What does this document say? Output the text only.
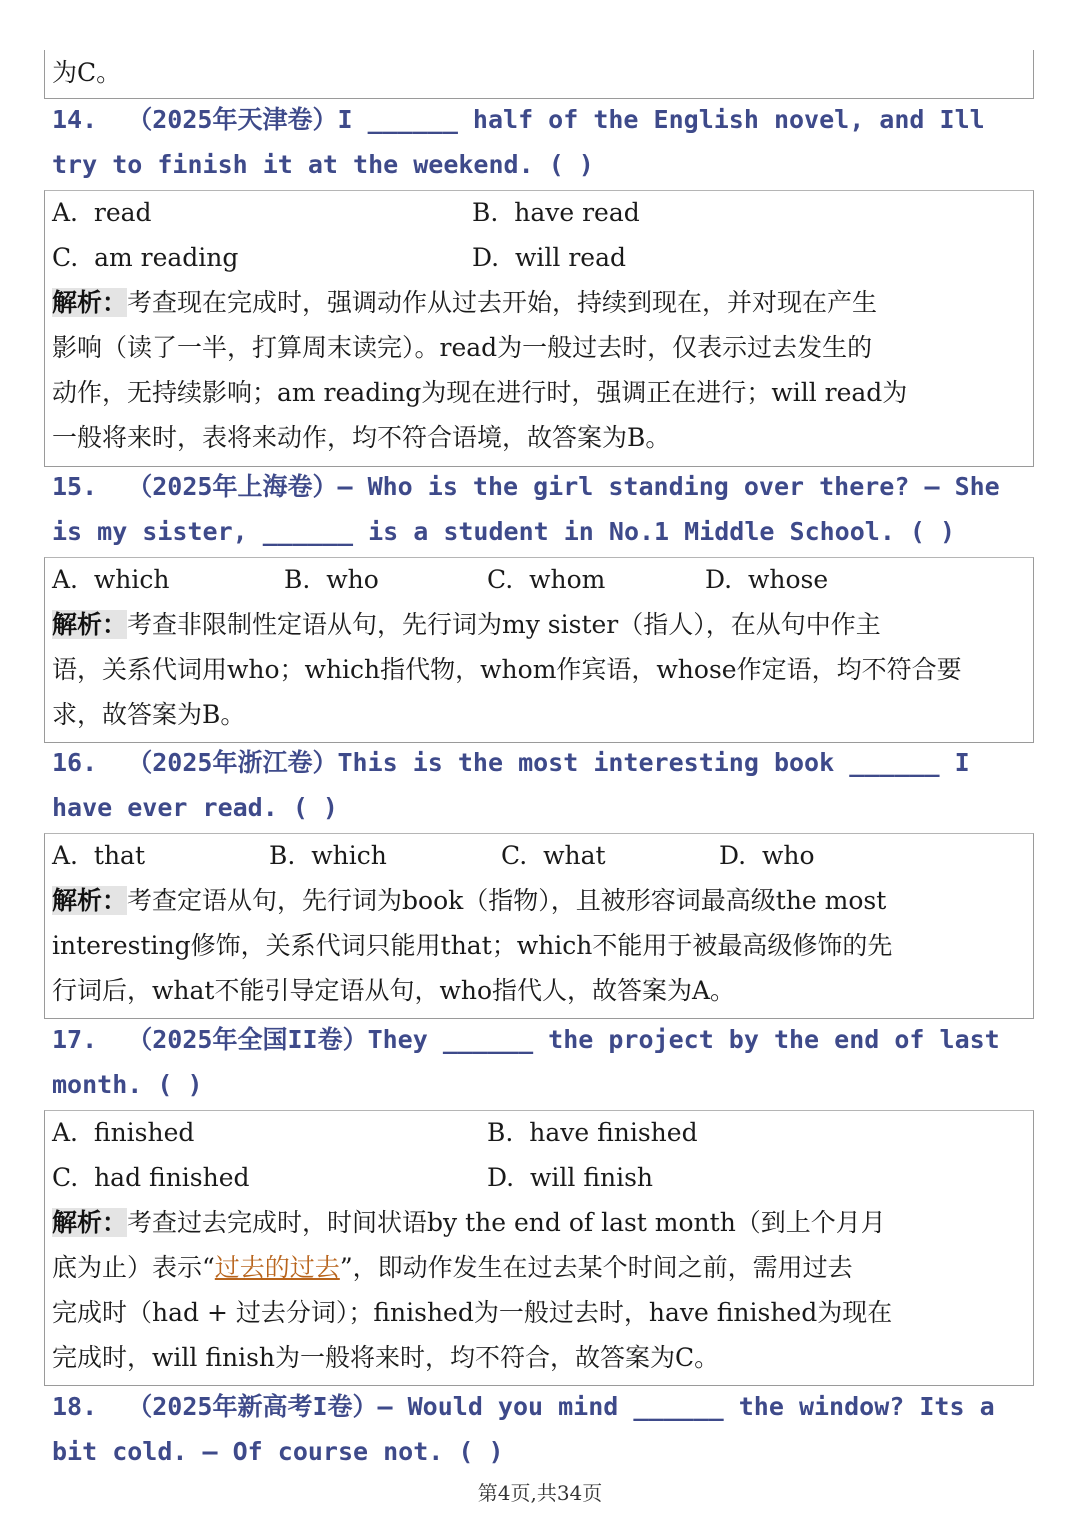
为C。
14.  （2025年天津卷）I ______ half of the English novel, and Ill
try to finish it at the weekend. ( )
A.  read	B.  have read
C.  am reading	D.  will read
解析：考查现在完成时，强调动作从过去开始，持续到现在，并对现在产生
影响（读了一半，打算周末读完）。read为一般过去时，仅表示过去发生的
动作，无持续影响；am reading为现在进行时，强调正在进行；will read为
一般将来时，表将来动作，均不符合语境，故答案为B。
15.  （2025年上海卷）— Who is the girl standing over there? — She
is my sister, ______ is a student in No.1 Middle School. ( )
A.  which	B.  who	C.  whom	D.  whose
解析：考查非限制性定语从句，先行词为my sister（指人），在从句中作主
语，关系代词用who；which指代物，whom作宾语，whose作定语，均不符合要
求，故答案为B。
16.  （2025年浙江卷）This is the most interesting book ______ I
have ever read. ( )
A.  that	B.  which	C.  what	D.  who
解析：考查定语从句，先行词为book（指物），且被形容词最高级the most
interesting修饰，关系代词只能用that；which不能用于被最高级修饰的先
行词后，what不能引导定语从句，who指代人，故答案为A。
17.  （2025年全国II卷）They ______ the project by the end of last
month. ( )
A.  finished	B.  have finished
C.  had finished	D.  will finish
解析：考查过去完成时，时间状语by the end of last month（到上个月月
底为止）表示“过去的过去”，即动作发生在过去某个时间之前，需用过去
完成时（had + 过去分词）；finished为一般过去时，have finished为现在
完成时，will finish为一般将来时，均不符合，故答案为C。
18.  （2025年新高考I卷）— Would you mind ______ the window? Its a
bit cold. — Of course not. ( )
第4页,共34页
